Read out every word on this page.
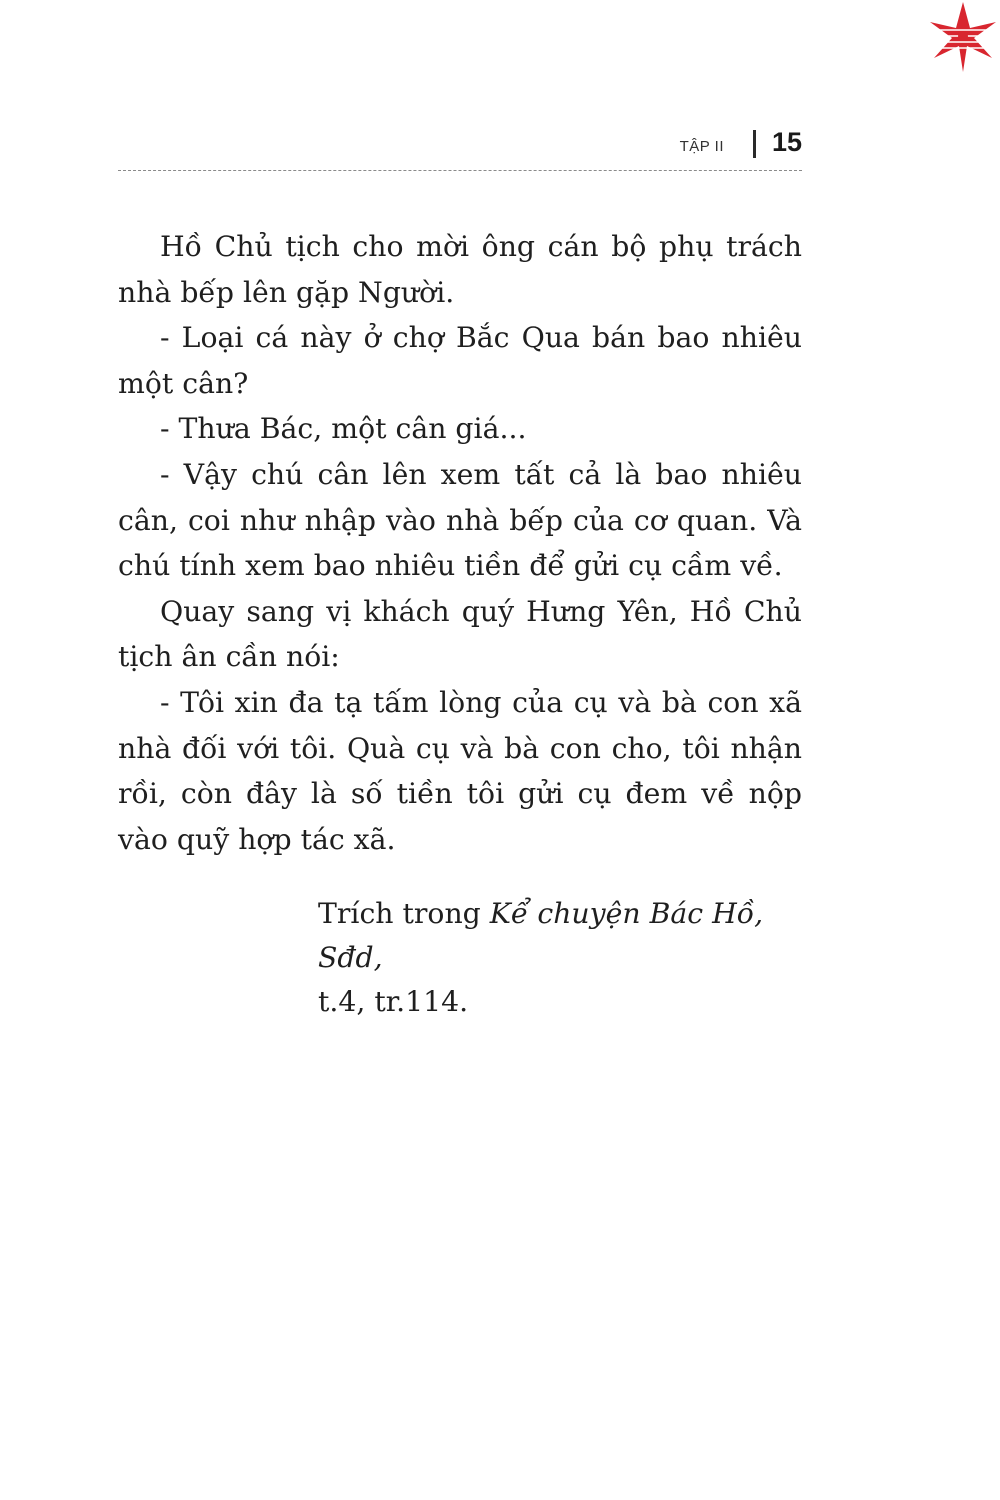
TẬP II 15

Hồ Chủ tịch cho mời ông cán bộ phụ trách nhà bếp lên gặp Người.

- Loại cá này ở chợ Bắc Qua bán bao nhiêu một cân?

- Thưa Bác, một cân giá...

- Vậy chú cân lên xem tất cả là bao nhiêu cân, coi như nhập vào nhà bếp của cơ quan. Và chú tính xem bao nhiêu tiền để gửi cụ cầm về.

Quay sang vị khách quý Hưng Yên, Hồ Chủ tịch ân cần nói:

- Tôi xin đa tạ tấm lòng của cụ và bà con xã nhà đối với tôi. Quà cụ và bà con cho, tôi nhận rồi, còn đây là số tiền tôi gửi cụ đem về nộp vào quỹ hợp tác xã.

Trích trong Kể chuyện Bác Hồ, Sđd,
t.4, tr.114.
